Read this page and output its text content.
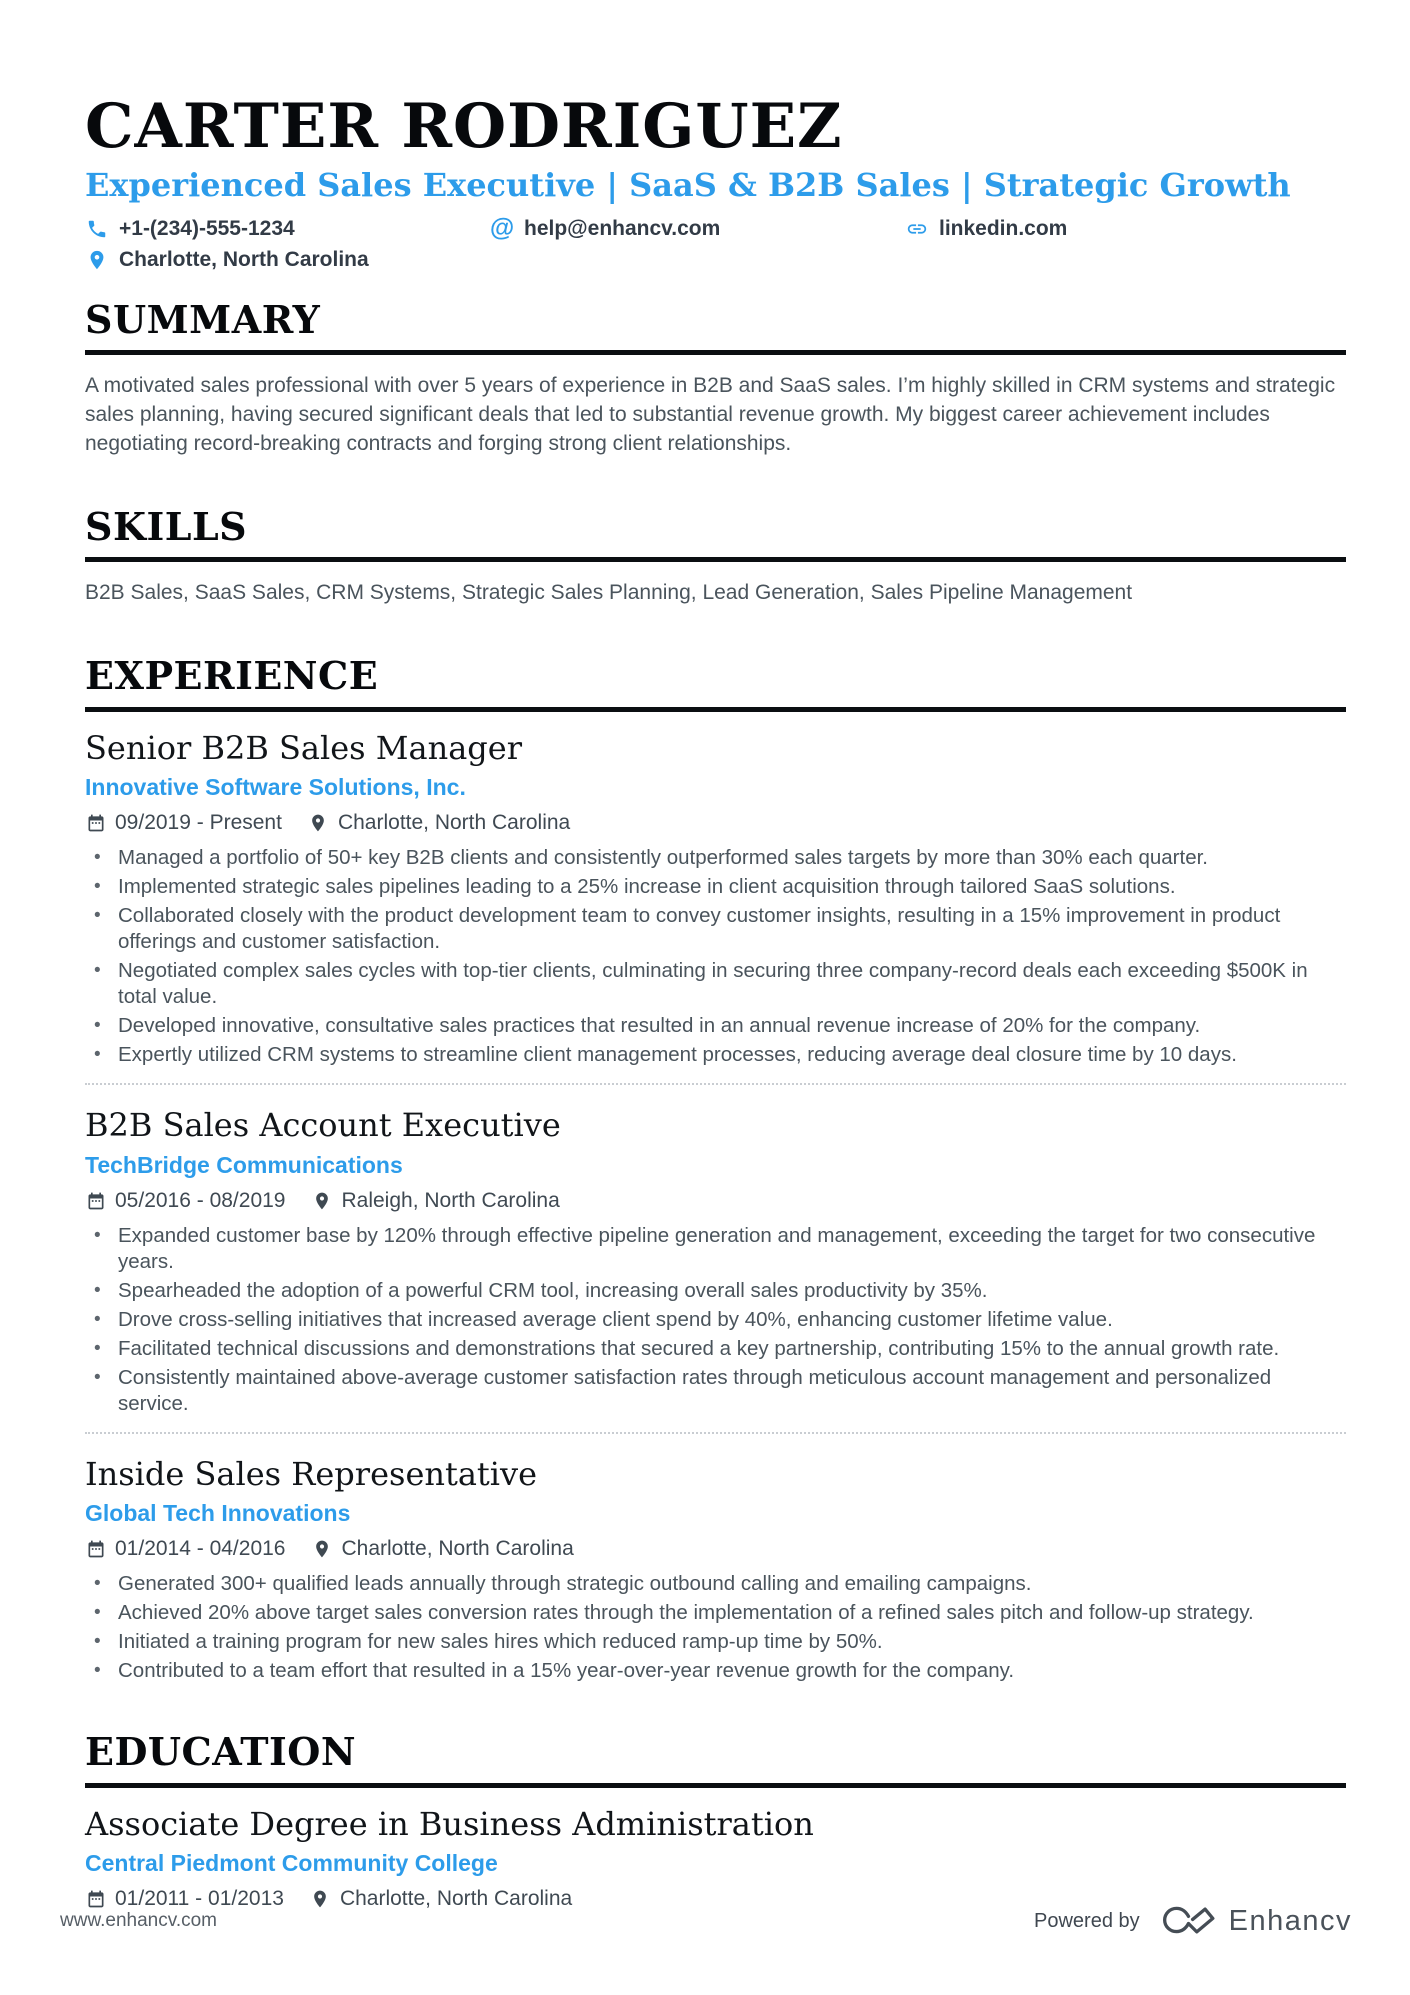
CARTER RODRIGUEZ
Experienced Sales Executive | SaaS & B2B Sales | Strategic Growth
+1-(234)-555-1234	@ help@enhancv.com	linkedin.com
Charlotte, North Carolina
SUMMARY
A motivated sales professional with over 5 years of experience in B2B and SaaS sales. I’m highly skilled in CRM systems and strategic sales planning, having secured significant deals that led to substantial revenue growth. My biggest career achievement includes negotiating record-breaking contracts and forging strong client relationships.
SKILLS
B2B Sales, SaaS Sales, CRM Systems, Strategic Sales Planning, Lead Generation, Sales Pipeline Management
EXPERIENCE
Senior B2B Sales Manager
Innovative Software Solutions, Inc.
09/2019 - Present	Charlotte, North Carolina
• Managed a portfolio of 50+ key B2B clients and consistently outperformed sales targets by more than 30% each quarter.
• Implemented strategic sales pipelines leading to a 25% increase in client acquisition through tailored SaaS solutions.
• Collaborated closely with the product development team to convey customer insights, resulting in a 15% improvement in product offerings and customer satisfaction.
• Negotiated complex sales cycles with top-tier clients, culminating in securing three company-record deals each exceeding $500K in total value.
• Developed innovative, consultative sales practices that resulted in an annual revenue increase of 20% for the company.
• Expertly utilized CRM systems to streamline client management processes, reducing average deal closure time by 10 days.
B2B Sales Account Executive
TechBridge Communications
05/2016 - 08/2019	Raleigh, North Carolina
• Expanded customer base by 120% through effective pipeline generation and management, exceeding the target for two consecutive years.
• Spearheaded the adoption of a powerful CRM tool, increasing overall sales productivity by 35%.
• Drove cross-selling initiatives that increased average client spend by 40%, enhancing customer lifetime value.
• Facilitated technical discussions and demonstrations that secured a key partnership, contributing 15% to the annual growth rate.
• Consistently maintained above-average customer satisfaction rates through meticulous account management and personalized service.
Inside Sales Representative
Global Tech Innovations
01/2014 - 04/2016	Charlotte, North Carolina
• Generated 300+ qualified leads annually through strategic outbound calling and emailing campaigns.
• Achieved 20% above target sales conversion rates through the implementation of a refined sales pitch and follow-up strategy.
• Initiated a training program for new sales hires which reduced ramp-up time by 50%.
• Contributed to a team effort that resulted in a 15% year-over-year revenue growth for the company.
EDUCATION
Associate Degree in Business Administration
Central Piedmont Community College
01/2011 - 01/2013	Charlotte, North Carolina
www.enhancv.com	Powered by	Enhancv
